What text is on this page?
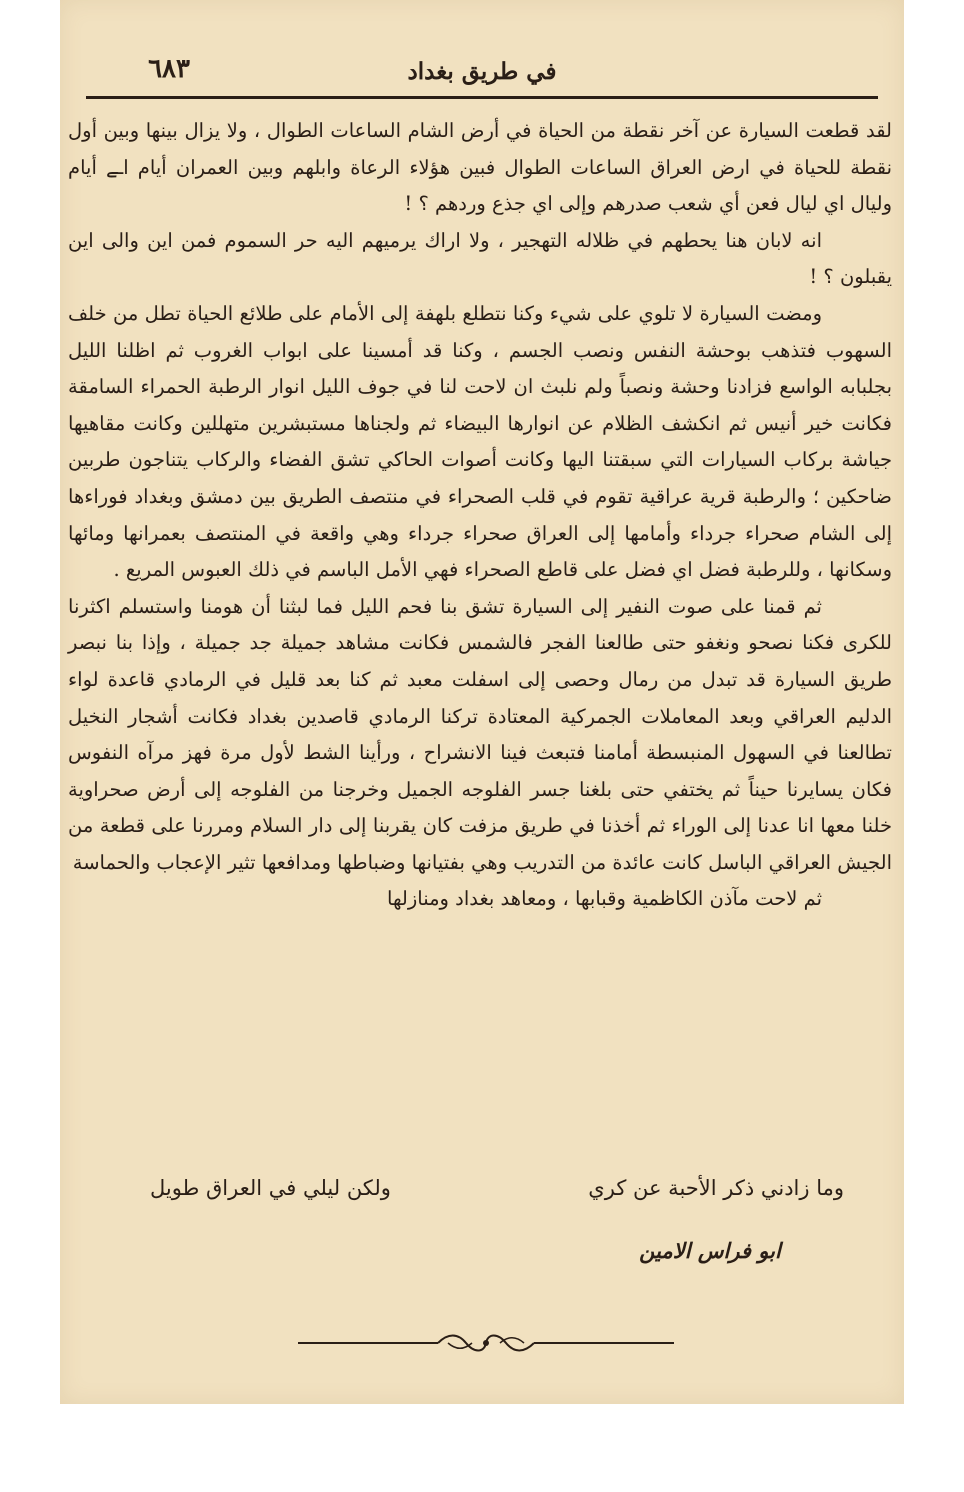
في طريق بغداد
٦٨٣

لقد قطعت السيارة عن آخر نقطة من الحياة في أرض الشام الساعات الطوال ، ولا يزال بينها وبين أول نقطة للحياة في ارض العراق الساعات الطوال فبين هؤلاء الرعاة وابلهم وبين العمران أيام اـے أيام وليال اي ليال فعن أي شعب صدرهم وإلى اي جذع وردهم ؟ !

انه لابان هنا يحطهم في ظلاله التهجير ، ولا اراك يرميهم اليه حر السموم فمن اين والى اين يقبلون ؟ !

ومضت السيارة لا تلوي على شيء وكنا نتطلع بلهفة إلى الأمام على طلائع الحياة تطل من خلف السهوب فتذهب بوحشة النفس ونصب الجسم ، وكنا قد أمسينا على ابواب الغروب ثم اظلنا الليل بجلبابه الواسع فزادنا وحشة ونصباً ولم نلبث ان لاحت لنا في جوف الليل انوار الرطبة الحمراء السامقة فكانت خير أنيس ثم انكشف الظلام عن انوارها البيضاء ثم ولجناها مستبشرين متهللين وكانت مقاهيها جياشة بركاب السيارات التي سبقتنا اليها وكانت أصوات الحاكي تشق الفضاء والركاب يتناجون طربين ضاحكين ؛ والرطبة قرية عراقية تقوم في قلب الصحراء في منتصف الطريق بين دمشق وبغداد فوراءها إلى الشام صحراء جرداء وأمامها إلى العراق صحراء جرداء وهي واقعة في المنتصف بعمرانها ومائها وسكانها ، وللرطبة فضل اي فضل على قاطع الصحراء فهي الأمل الباسم في ذلك العبوس المريع .

ثم قمنا على صوت النفير إلى السيارة تشق بنا فحم الليل فما لبثنا أن هومنا واستسلم اكثرنا للكرى فكنا نصحو ونغفو حتى طالعنا الفجر فالشمس فكانت مشاهد جميلة جد جميلة ، وإذا بنا نبصر طريق السيارة قد تبدل من رمال وحصى إلى اسفلت معبد ثم كنا بعد قليل في الرمادي قاعدة لواء الدليم العراقي وبعد المعاملات الجمركية المعتادة تركنا الرمادي قاصدين بغداد فكانت أشجار النخيل تطالعنا في السهول المنبسطة أمامنا فتبعث فينا الانشراح ، ورأينا الشط لأول مرة فهز مرآه النفوس فكان يسايرنا حيناً ثم يختفي حتى بلغنا جسر الفلوجه الجميل وخرجنا من الفلوجه إلى أرض صحراوية خلنا معها انا عدنا إلى الوراء ثم أخذنا في طريق مزفت كان يقربنا إلى دار السلام ومررنا على قطعة من الجيش العراقي الباسل كانت عائدة من التدريب وهي بفتيانها وضباطها ومدافعها تثير الإعجاب والحماسة

ثم لاحت مآذن الكاظمية وقبابها ، ومعاهد بغداد ومنازلها

وما زادني ذكر الأحبة عن كري
ولكن ليلي في العراق طويل
ابو فراس الامين
